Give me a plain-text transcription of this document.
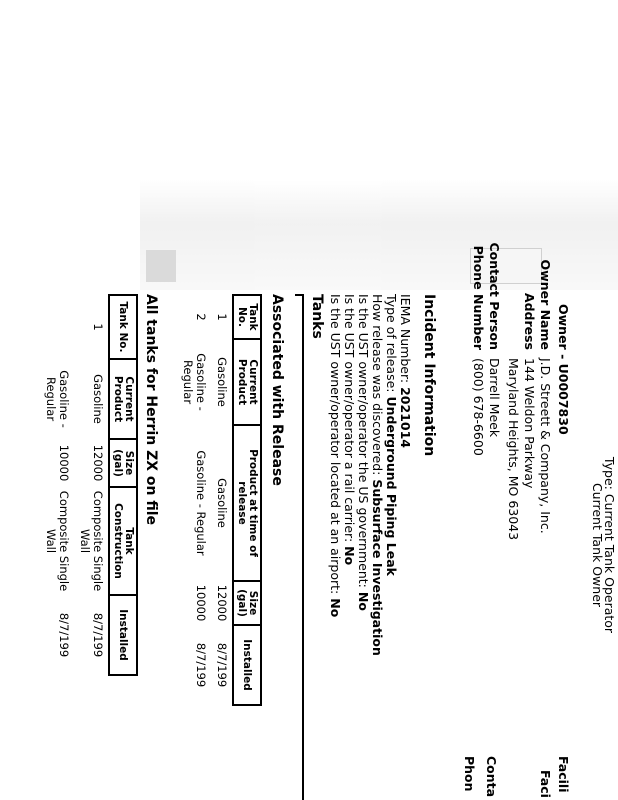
Type: Current Tank Operator
Current Tank Owner
Owner - U0007830
Owner Name
J.D. Streett & Company, Inc.
Address
144 Weldon Parkway
Maryland Heights, MO 63043
Contact Person
Darrell Meek
Phone Number
(800) 678-6600
Facili
Faci
Conta
Phon
Incident Information
IEMA Number: 2021014
Type of release: Underground Piping Leak
How release was discovered: Subsurface Investigation
Is the UST owner/operator the US government: No
Is the UST owner/operator a rail carrier: No
Is the UST owner/operator located at an airport: No
Tanks
Associated with Release
Tank No.	Current Product	Product at time of release	Size (gal)	Installed
1	Gasoline	Gasoline	12000	8/7/199
2	Gasoline - Regular	Gasoline - Regular	10000	8/7/199
All tanks for Herrin ZX on file
Tank No.	Current Product	Size (gal)	Tank Construction	Installed
1	Gasoline	12000	Composite Single Wall	8/7/199
	Gasoline - Regular	10000	Composite Single Wall	8/7/199
